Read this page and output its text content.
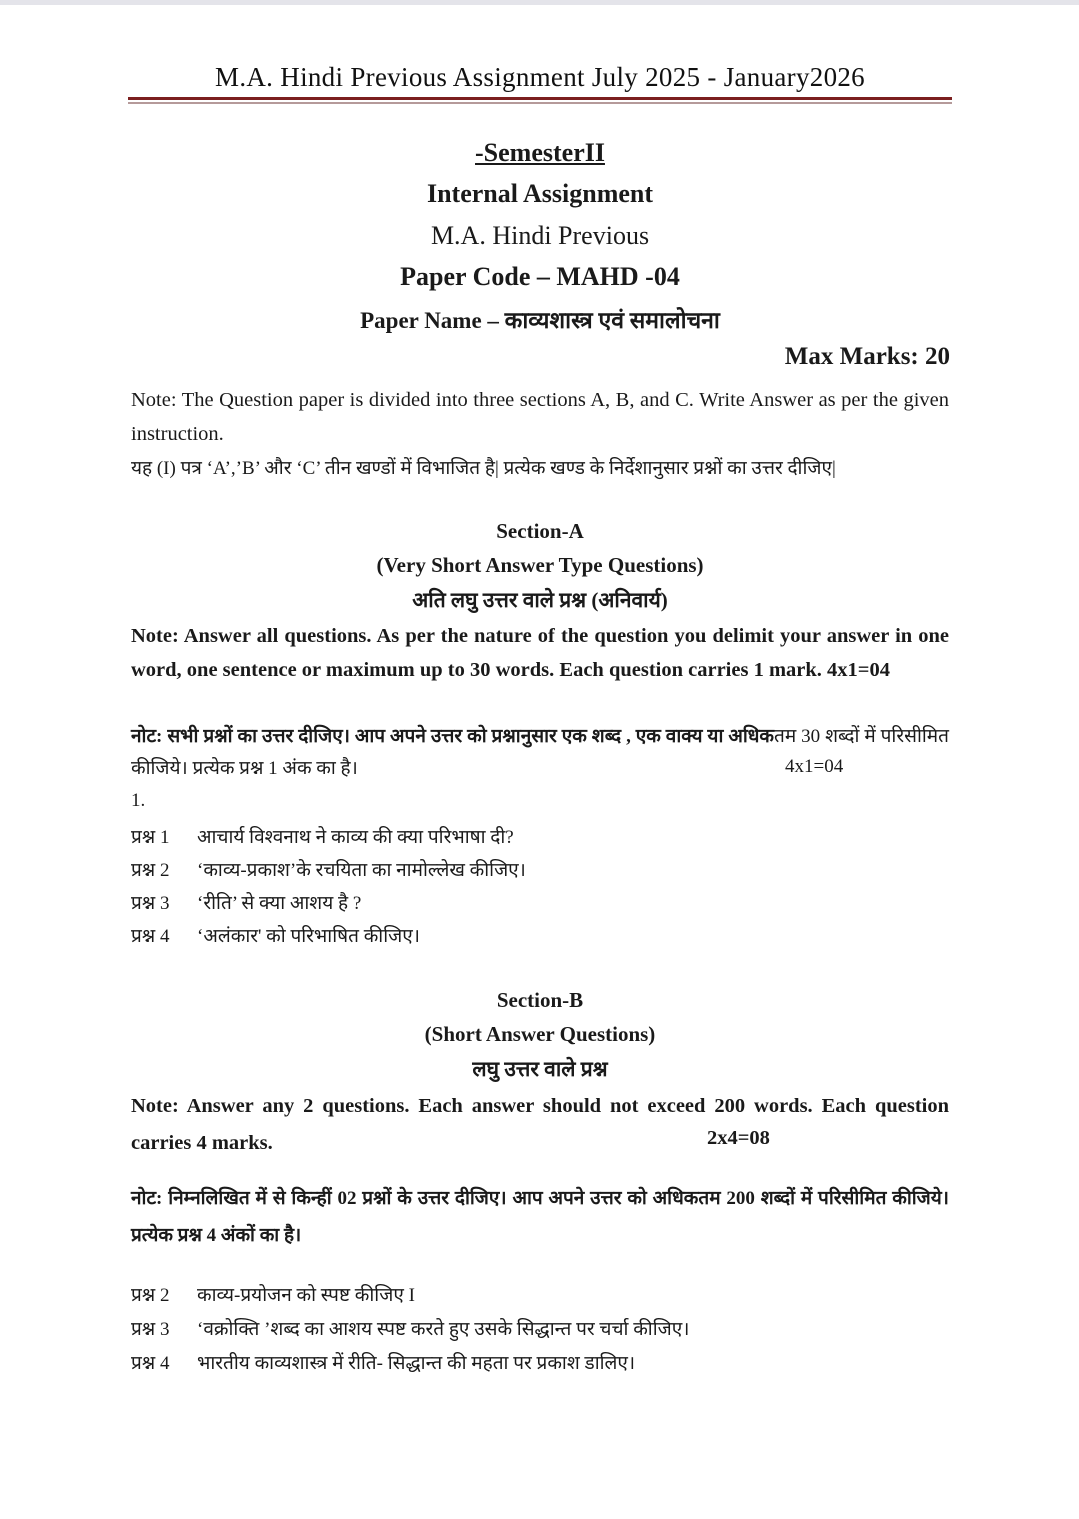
M.A. Hindi Previous Assignment July 2025 - January2026
-SemesterII
Internal Assignment
M.A. Hindi Previous
Paper Code – MAHD -04
Paper Name – काव्यशास्त्र एवं समालोचना
Max Marks: 20
Note: The Question paper is divided into three sections A, B, and C. Write Answer as per the given instruction.
यह (I) पत्र ‘A’,’B’ और ‘C’ तीन खण्डों में विभाजित है| प्रत्येक खण्ड के निर्देशानुसार प्रश्नों का उत्तर दीजिए|
Section-A
(Very Short Answer Type Questions)
अति लघु उत्तर वाले प्रश्न (अनिवार्य)
Note: Answer all questions. As per the nature of the question you delimit your answer in one word, one sentence or maximum up to 30 words. Each question carries 1 mark. 4x1=04
नोट: सभी प्रश्नों का उत्तर दीजिए। आप अपने उत्तर को प्रश्नानुसार एक शब्द , एक वाक्य या अधिकतम 30 शब्दों में परिसीमित कीजिये। प्रत्येक प्रश्न 1 अंक का है।	4x1=04
1.
प्रश्न 1 आचार्य विश्वनाथ ने काव्य की क्या परिभाषा दी?
प्रश्न 2 ‘काव्य-प्रकाश’के रचयिता का नामोल्लेख कीजिए।
प्रश्न 3 ‘रीति’ से क्या आशय है ?
प्रश्न 4 ‘अलंकार' को परिभाषित कीजिए।
Section-B
(Short Answer Questions)
लघु उत्तर वाले प्रश्न
Note: Answer any 2 questions. Each answer should not exceed 200 words. Each question carries 4 marks.	2x4=08
नोट: निम्नलिखित में से किन्हीं 02 प्रश्नों के उत्तर दीजिए। आप अपने उत्तर को अधिकतम 200 शब्दों में परिसीमित कीजिये। प्रत्येक प्रश्न 4 अंकों का है।
प्रश्न 2 काव्य-प्रयोजन को स्पष्ट कीजिए I
प्रश्न 3 ‘वक्रोक्ति ’शब्द का आशय स्पष्ट करते हुए उसके सिद्धान्त पर चर्चा कीजिए।
प्रश्न 4 भारतीय काव्यशास्त्र में रीति- सिद्धान्त की महता पर प्रकाश डालिए।
